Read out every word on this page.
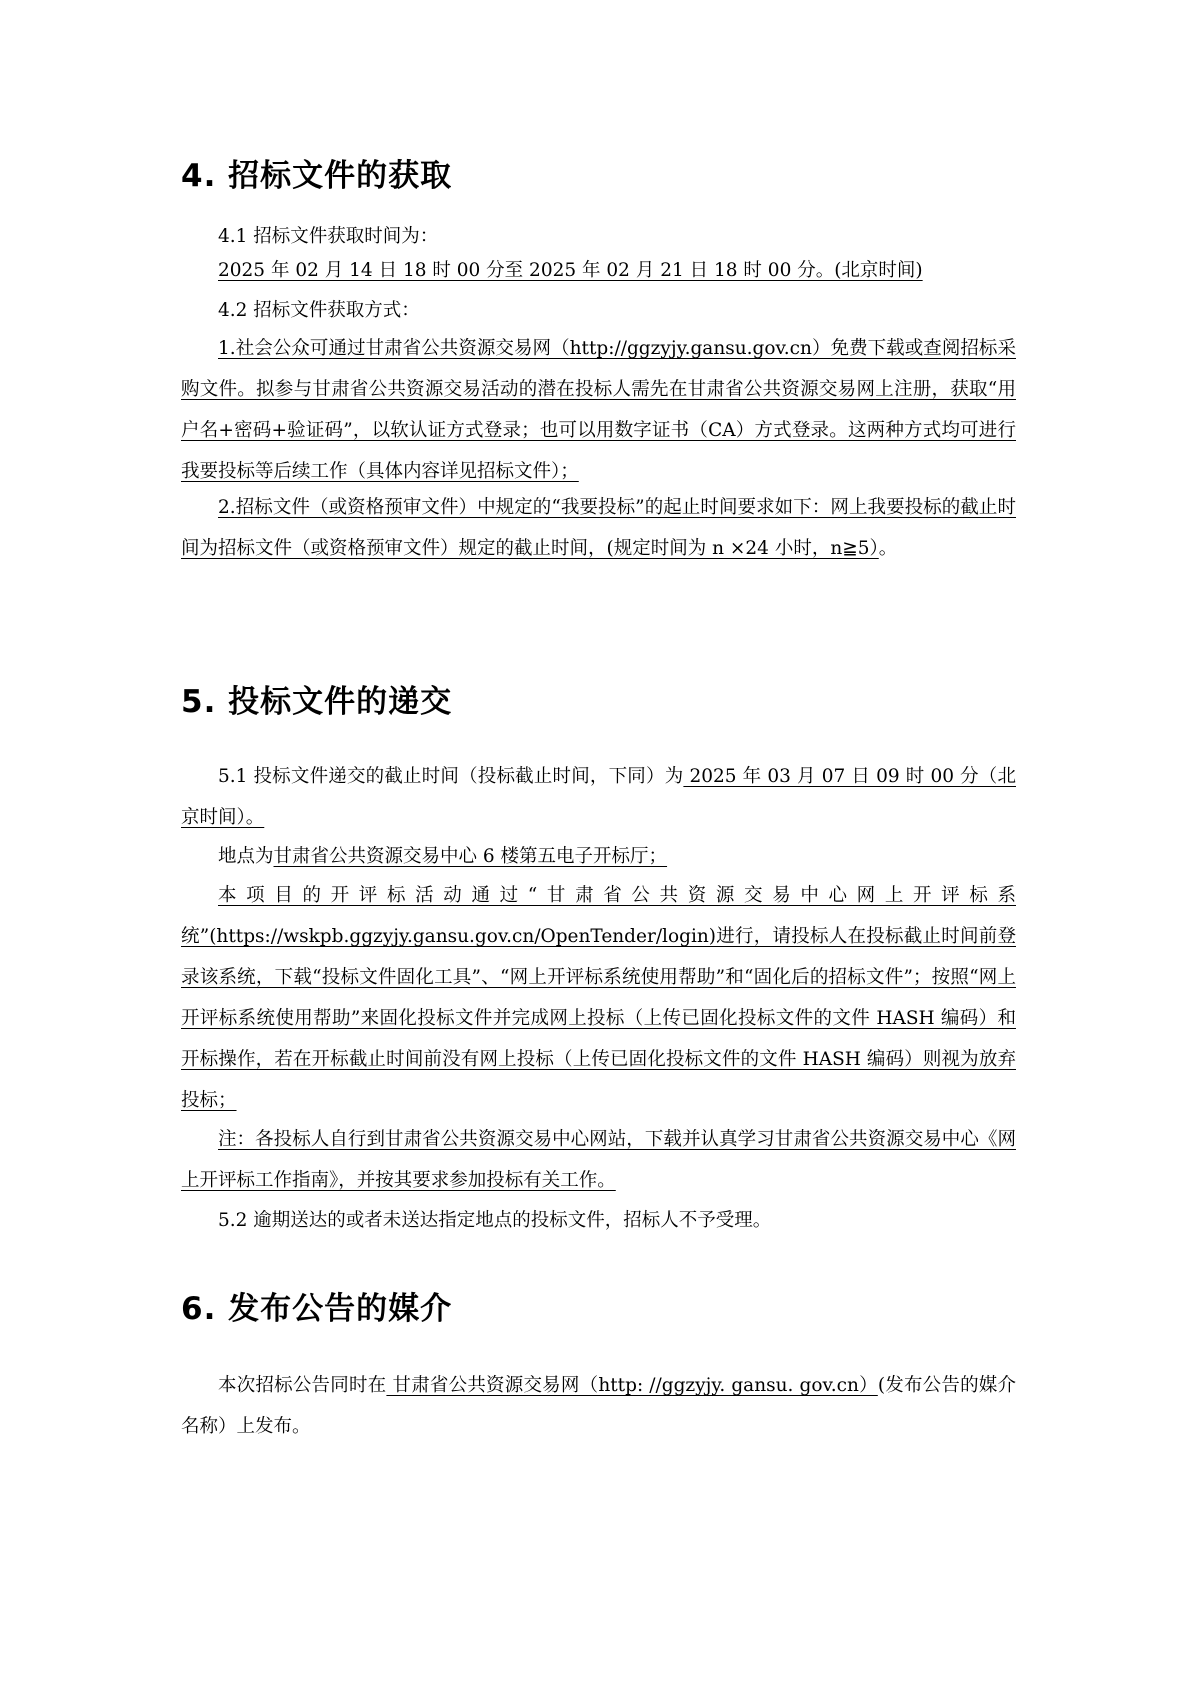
4. 招标文件的获取

4.1 招标文件获取时间为：

2025 年 02 月 14 日 18 时 00 分至 2025 年 02 月 21 日 18 时 00 分。(北京时间)

4.2 招标文件获取方式：

1.社会公众可通过甘肃省公共资源交易网（http://ggzyjy.gansu.gov.cn）免费下载或查阅招标采购文件。拟参与甘肃省公共资源交易活动的潜在投标人需先在甘肃省公共资源交易网上注册，获取“用户名+密码+验证码”，以软认证方式登录；也可以用数字证书（CA）方式登录。这两种方式均可进行我要投标等后续工作（具体内容详见招标文件）；

2.招标文件（或资格预审文件）中规定的“我要投标”的起止时间要求如下：网上我要投标的截止时间为招标文件（或资格预审文件）规定的截止时间，(规定时间为 n ×24 小时，n≧5）。

5. 投标文件的递交

5.1 投标文件递交的截止时间（投标截止时间，下同）为 2025 年 03 月 07 日 09 时 00 分（北京时间）。

地点为甘肃省公共资源交易中心 6 楼第五电子开标厅；

本项目的开评标活动通过“甘肃省公共资源交易中心网上开评标系统”(https://wskpb.ggzyjy.gansu.gov.cn/OpenTender/login)进行，请投标人在投标截止时间前登录该系统，下载“投标文件固化工具”、“网上开评标系统使用帮助”和“固化后的招标文件”；按照“网上开评标系统使用帮助”来固化投标文件并完成网上投标（上传已固化投标文件的文件 HASH 编码）和开标操作，若在开标截止时间前没有网上投标（上传已固化投标文件的文件 HASH 编码）则视为放弃投标；

注：各投标人自行到甘肃省公共资源交易中心网站，下载并认真学习甘肃省公共资源交易中心《网上开评标工作指南》，并按其要求参加投标有关工作。

5.2 逾期送达的或者未送达指定地点的投标文件，招标人不予受理。

6. 发布公告的媒介

本次招标公告同时在 甘肃省公共资源交易网（http: //ggzyjy. gansu. gov.cn）(发布公告的媒介名称）上发布。
